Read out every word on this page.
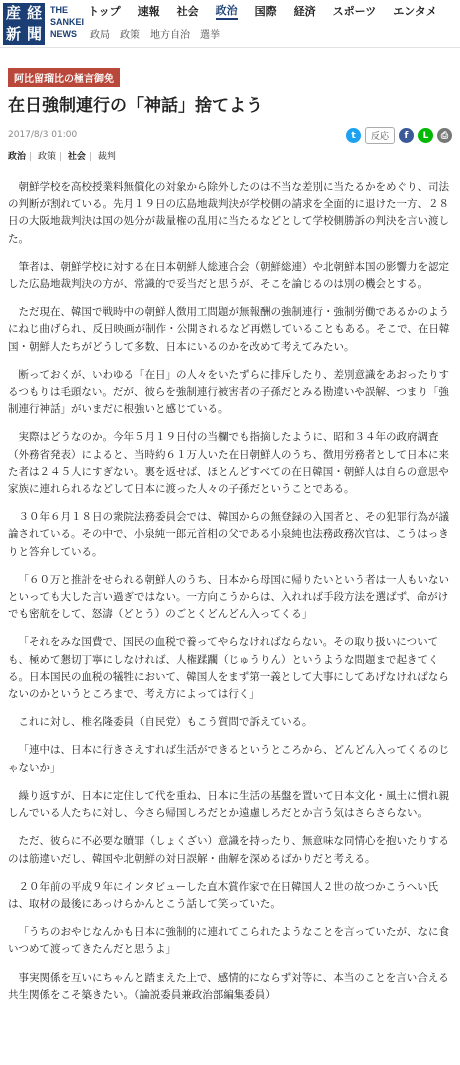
産 経
新 聞
THE
SANKEI
NEWS
トップ 速報 社会 政治 国際 経済 スポーツ エンタメ
政局 政策 地方自治 選挙
阿比留瑠比の極言御免
在日強制連行の「神話」捨てよう
2017/8/3 01:00	t	反応	f	L	⎙
政治 | 政策 | 社会 | 裁判

朝鮮学校を高校授業料無償化の対象から除外したのは不当な差別に当たるかをめぐり、司法の判断が割れている。先月１９日の広島地裁判決が学校側の請求を全面的に退けた一方、２８日の大阪地裁判決は国の処分が裁量権の乱用に当たるなどとして学校側勝訴の判決を言い渡した。

筆者は、朝鮮学校に対する在日本朝鮮人総連合会（朝鮮総連）や北朝鮮本国の影響力を認定した広島地裁判決の方が、常識的で妥当だと思うが、そこを論じるのは別の機会とする。

ただ現在、韓国で戦時中の朝鮮人徴用工問題が無報酬の強制連行・強制労働であるかのようにねじ曲げられ、反日映画が制作・公開されるなど再燃していることもある。そこで、在日韓国・朝鮮人たちがどうして多数、日本にいるのかを改めて考えてみたい。

断っておくが、いわゆる「在日」の人々をいたずらに排斥したり、差別意識をあおったりするつもりは毛頭ない。だが、彼らを強制連行被害者の子孫だとみる勘違いや誤解、つまり「強制連行神話」がいまだに根強いと感じている。

実際はどうなのか。今年５月１９日付の当欄でも指摘したように、昭和３４年の政府調査（外務省発表）によると、当時約６１万人いた在日朝鮮人のうち、徴用労務者として日本に来た者は２４５人にすぎない。裏を返せば、ほとんどすべての在日韓国・朝鮮人は自らの意思や家族に連れられるなどして日本に渡った人々の子孫だということである。

３０年６月１８日の衆院法務委員会では、韓国からの無登録の入国者と、その犯罪行為が議論されている。その中で、小泉純一郎元首相の父である小泉純也法務政務次官は、こうはっきりと答弁している。

「６０万と推計をせられる朝鮮人のうち、日本から母国に帰りたいという者は一人もいないといっても大した言い過ぎではない。一方向こうからは、入れれば手段方法を選ばず、命がけでも密航をして、怒濤（どとう）のごとくどんどん入ってくる」

「それをみな国費で、国民の血税で養ってやらなければならない。その取り扱いについても、極めて懇切丁寧にしなければ、人権蹂躙（じゅうりん）というような問題まで起きてくる。日本国民の血税の犠牲において、韓国人をまず第一義として大事にしてあげなければならないのかというところまで、考え方によっては行く」

これに対し、椎名隆委員（自民党）もこう質問で訴えている。

「連中は、日本に行きさえすれば生活ができるというところから、どんどん入ってくるのじゃないか」

繰り返すが、日本に定住して代を重ね、日本に生活の基盤を置いて日本文化・風土に慣れ親しんでいる人たちに対し、今さら帰国しろだとか遠慮しろだとか言う気はさらさらない。

ただ、彼らに不必要な贖罪（しょくざい）意識を持ったり、無意味な同情心を抱いたりするのは筋違いだし、韓国や北朝鮮の対日誤解・曲解を深めるばかりだと考える。

２０年前の平成９年にインタビューした直木賞作家で在日韓国人２世の故つかこうへい氏は、取材の最後にあっけらかんとこう話して笑っていた。

「うちのおやじなんかも日本に強制的に連れてこられたようなことを言っていたが、なに食いつめて渡ってきたんだと思うよ」

事実関係を互いにちゃんと踏まえた上で、感情的にならず対等に、本当のことを言い合える共生関係をこそ築きたい。（論説委員兼政治部編集委員）
